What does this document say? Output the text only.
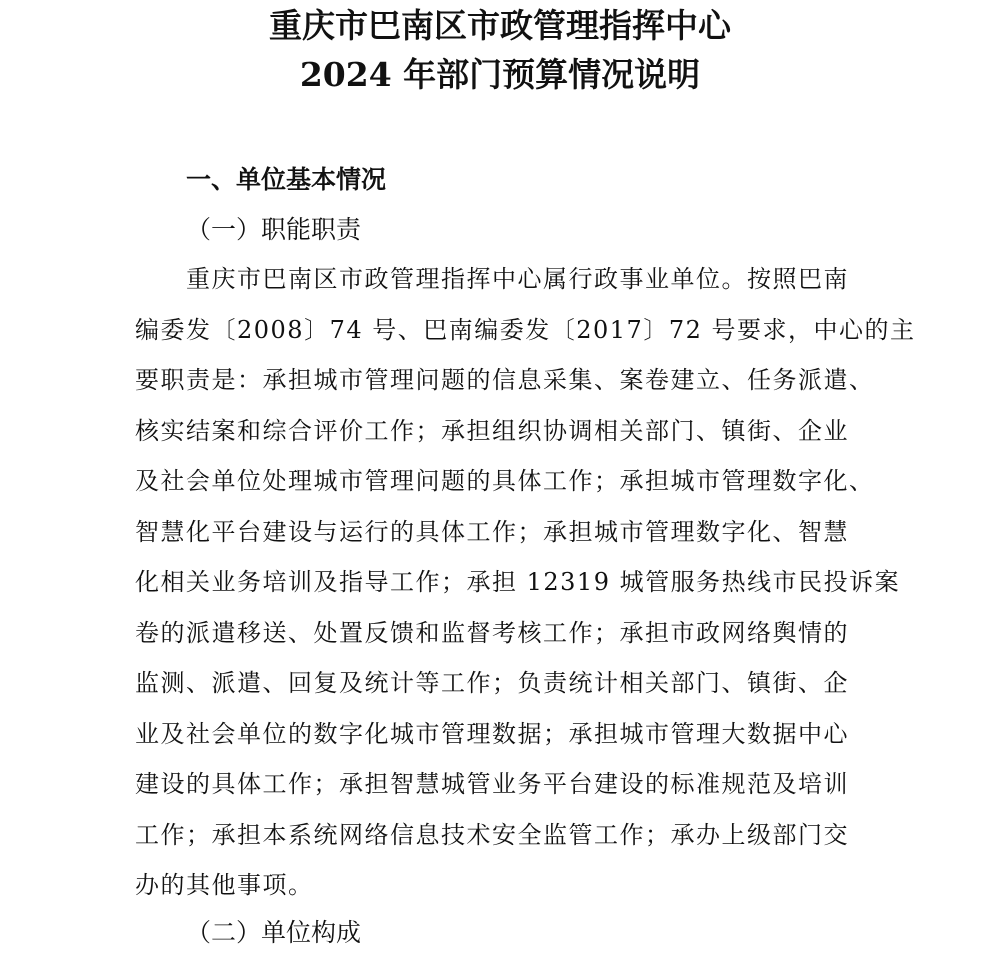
重庆市巴南区市政管理指挥中心
2024 年部门预算情况说明
一、单位基本情况
（一）职能职责
重庆市巴南区市政管理指挥中心属行政事业单位。按照巴南
编委发〔2008〕74 号、巴南编委发〔2017〕72 号要求，中心的主
要职责是：承担城市管理问题的信息采集、案卷建立、任务派遣、
核实结案和综合评价工作；承担组织协调相关部门、镇街、企业
及社会单位处理城市管理问题的具体工作；承担城市管理数字化、
智慧化平台建设与运行的具体工作；承担城市管理数字化、智慧
化相关业务培训及指导工作；承担 12319 城管服务热线市民投诉案
卷的派遣移送、处置反馈和监督考核工作；承担市政网络舆情的
监测、派遣、回复及统计等工作；负责统计相关部门、镇街、企
业及社会单位的数字化城市管理数据；承担城市管理大数据中心
建设的具体工作；承担智慧城管业务平台建设的标准规范及培训
工作；承担本系统网络信息技术安全监管工作；承办上级部门交
办的其他事项。
（二）单位构成
